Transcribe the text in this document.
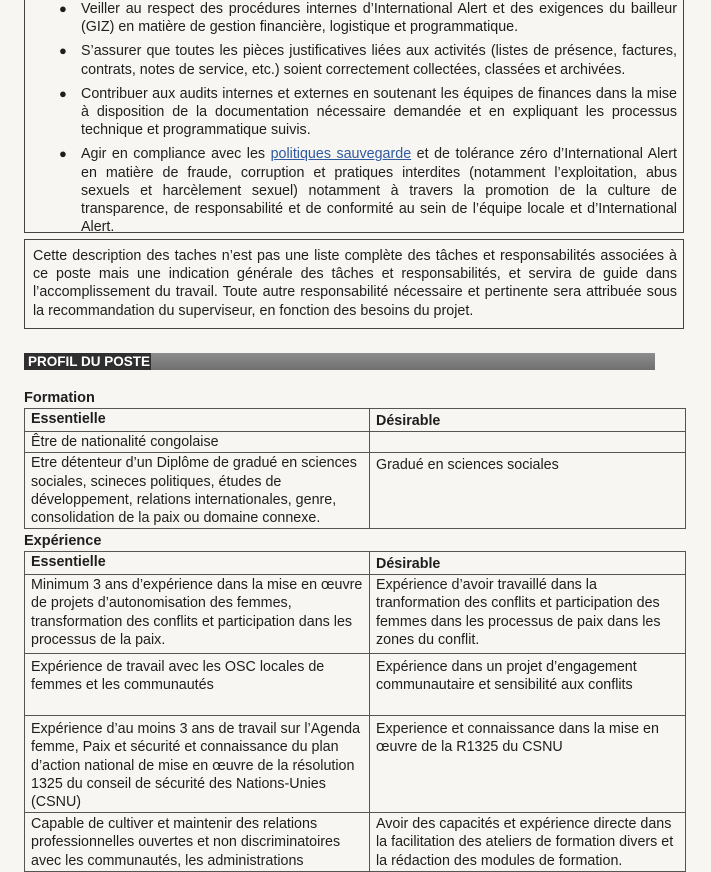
● Veiller au respect des procédures internes d’International Alert et des exigences du bailleur (GIZ) en matière de gestion financière, logistique et programmatique.
● S’assurer que toutes les pièces justificatives liées aux activités (listes de présence, factures, contrats, notes de service, etc.) soient correctement collectées, classées et archivées.
● Contribuer aux audits internes et externes en soutenant les équipes de finances dans la mise à disposition de la documentation nécessaire demandée et en expliquant les processus technique et programmatique suivis.
● Agir en compliance avec les politiques sauvegarde et de tolérance zéro d’International Alert en matière de fraude, corruption et pratiques interdites (notamment l’exploitation, abus sexuels et harcèlement sexuel) notamment à travers la promotion de la culture de transparence, de responsabilité et de conformité au sein de l’équipe locale et d’International Alert.
Cette description des taches n’est pas une liste complète des tâches et responsabilités associées à ce poste mais une indication générale des tâches et responsabilités, et servira de guide dans l’accomplissement du travail. Toute autre responsabilité nécessaire et pertinente sera attribuée sous la recommandation du superviseur, en fonction des besoins du projet.
PROFIL DU POSTE
Formation
Essentielle	Désirable
Être de nationalité congolaise	
Etre détenteur d’un Diplôme de gradué en sciences sociales, scineces politiques, études de développement, relations internationales, genre, consolidation de la paix ou domaine connexe.	Gradué en sciences sociales
Expérience
Essentielle	Désirable
Minimum 3 ans d’expérience dans la mise en œuvre de projets d’autonomisation des femmes, transformation des conflits et participation dans les processus de la paix.	Expérience d’avoir travaillé dans la tranformation des conflits et participation des femmes dans les processus de paix dans les zones du conflit.
Expérience de travail avec les OSC locales de femmes et les communautés	Expérience dans un projet d’engagement communautaire et sensibilité aux conflits
Expérience d’au moins 3 ans de travail sur l’Agenda femme, Paix et sécurité et connaissance du plan d’action national de mise en œuvre de la résolution 1325 du conseil de sécurité des Nations-Unies (CSNU)	Experience et connaissance dans la mise en œuvre de la R1325 du CSNU
Capable de cultiver et maintenir des relations professionnelles ouvertes et non discriminatoires avec les communautés, les administrations	Avoir des capacités et expérience directe dans la facilitation des ateliers de formation divers et la rédaction des modules de formation.
